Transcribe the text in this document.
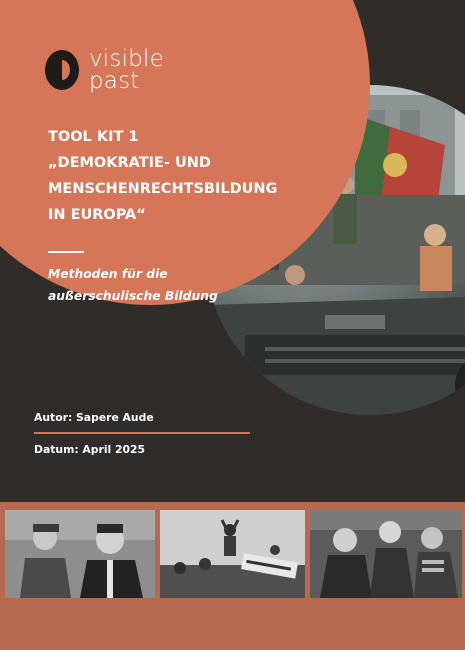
visible
past
TOOL KIT 1
„DEMOKRATIE- UND
MENSCHENRECHTSBILDUNG
IN EUROPA“
Methoden für die
außerschulische Bildung
Autor: Sapere Aude
Datum: April 2025
